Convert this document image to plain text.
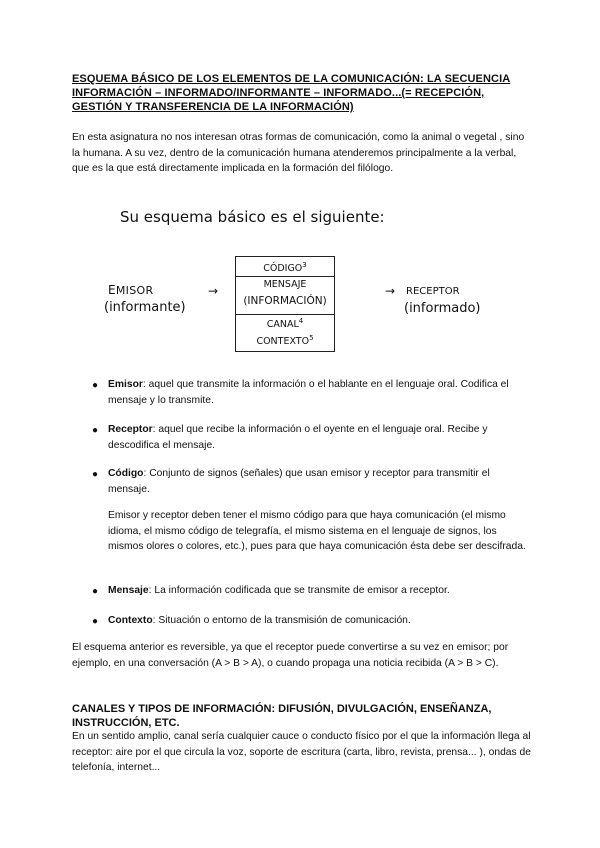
ESQUEMA BÁSICO DE LOS ELEMENTOS DE LA COMUNICACIÓN: LA SECUENCIA INFORMACIÓN – INFORMADO/INFORMANTE – INFORMADO...(= RECEPCIÓN, GESTIÓN Y TRANSFERENCIA DE LA INFORMACIÓN)
En esta asignatura no nos interesan otras formas de comunicación, como la animal o vegetal , sino la humana. A su vez, dentro de la comunicación humana atenderemos principalmente a la verbal, que es la que está directamente implicada en la formación del filólogo.
Su esquema básico es el siguiente:
EMISOR
(informante)
→	→ RECEPTOR
(informado)
CÓDIGO$^3$
MENSAJE
(INFORMACIÓN)
CANAL$^4$
CONTEXTO$^5$
● Emisor: aquel que transmite la información o el hablante en el lenguaje oral. Codifica el mensaje y lo transmite.
● Receptor: aquel que recibe la información o el oyente en el lenguaje oral. Recibe y descodifica el mensaje.
● Código: Conjunto de signos (señales) que usan emisor y receptor para transmitir el mensaje.
Emisor y receptor deben tener el mismo código para que haya comunicación (el mismo idioma, el mismo código de telegrafía, el mismo sistema en el lenguaje de signos, los mismos olores o colores, etc.), pues para que haya comunicación ésta debe ser descifrada.
● Mensaje: La información codificada que se transmite de emisor a receptor.
● Contexto: Situación o entorno de la transmisión de comunicación.
El esquema anterior es reversible, ya que el receptor puede convertirse a su vez en emisor; por ejemplo, en una conversación (A > B > A), o cuando propaga una noticia recibida (A > B > C).
CANALES Y TIPOS DE INFORMACIÓN: DIFUSIÓN, DIVULGACIÓN, ENSEÑANZA, INSTRUCCIÓN, ETC.
En un sentido amplio, canal sería cualquier cauce o conducto físico por el que la información llega al receptor: aire por el que circula la voz, soporte de escritura (carta, libro, revista, prensa... ), ondas de telefonía, internet...
